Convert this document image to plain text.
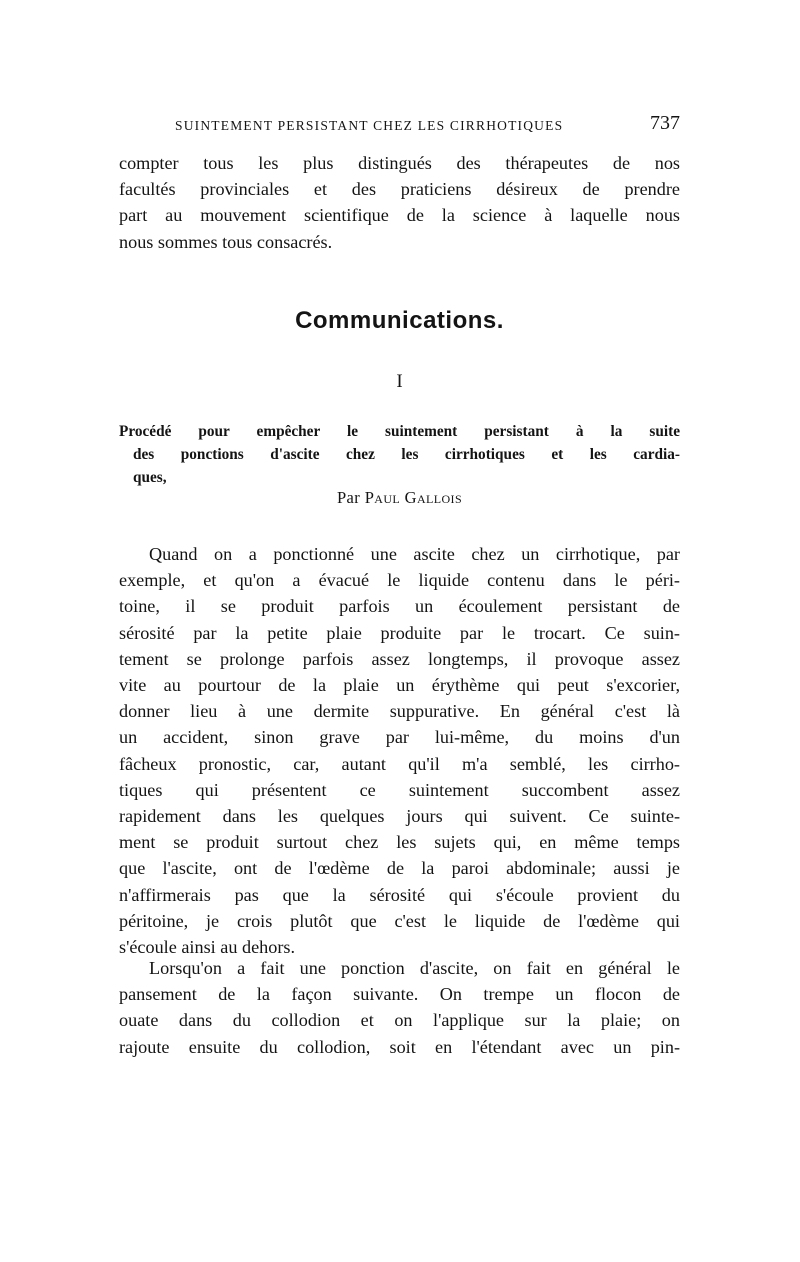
SUINTEMENT PERSISTANT CHEZ LES CIRRHOTIQUES	737
compter tous les plus distingués des thérapeutes de nos
facultés provinciales et des praticiens désireux de prendre
part au mouvement scientifique de la science à laquelle nous
nous sommes tous consacrés.
Communications.
I
Procédé pour empêcher le suintement persistant à la suite
des ponctions d'ascite chez les cirrhotiques et les cardia-
ques,
Par Paul Gallois
Quand on a ponctionné une ascite chez un cirrhotique, par
exemple, et qu'on a évacué le liquide contenu dans le péri-
toine, il se produit parfois un écoulement persistant de
sérosité par la petite plaie produite par le trocart. Ce suin-
tement se prolonge parfois assez longtemps, il provoque assez
vite au pourtour de la plaie un érythème qui peut s'excorier,
donner lieu à une dermite suppurative. En général c'est là
un accident, sinon grave par lui-même, du moins d'un
fâcheux pronostic, car, autant qu'il m'a semblé, les cirrho-
tiques qui présentent ce suintement succombent assez
rapidement dans les quelques jours qui suivent. Ce suinte-
ment se produit surtout chez les sujets qui, en même temps
que l'ascite, ont de l'œdème de la paroi abdominale; aussi je
n'affirmerais pas que la sérosité qui s'écoule provient du
péritoine, je crois plutôt que c'est le liquide de l'œdème qui
s'écoule ainsi au dehors.
Lorsqu'on a fait une ponction d'ascite, on fait en général le
pansement de la façon suivante. On trempe un flocon de
ouate dans du collodion et on l'applique sur la plaie; on
rajoute ensuite du collodion, soit en l'étendant avec un pin-
